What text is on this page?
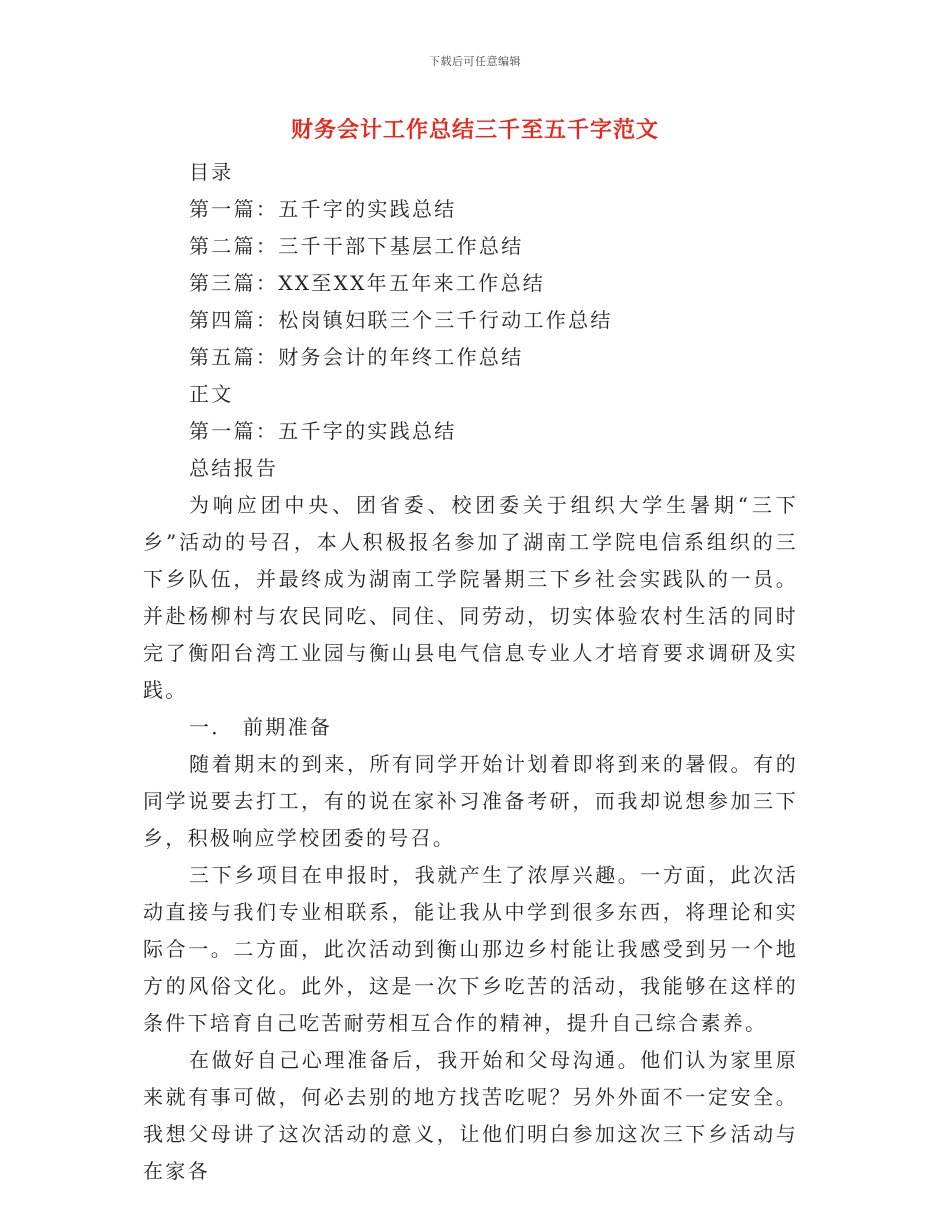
下载后可任意编辑
财务会计工作总结三千至五千字范文
目录
第一篇：五千字的实践总结
第二篇：三千干部下基层工作总结
第三篇：XX至XX年五年来工作总结
第四篇：松岗镇妇联三个三千行动工作总结
第五篇：财务会计的年终工作总结
正文
第一篇：五千字的实践总结
总结报告
为响应团中央、团省委、校团委关于组织大学生暑期“三下乡”活动的号召，本人积极报名参加了湖南工学院电信系组织的三下乡队伍，并最终成为湖南工学院暑期三下乡社会实践队的一员。并赴杨柳村与农民同吃、同住、同劳动，切实体验农村生活的同时完了衡阳台湾工业园与衡山县电气信息专业人才培育要求调研及实践。
一． 前期准备
随着期末的到来，所有同学开始计划着即将到来的暑假。有的同学说要去打工，有的说在家补习准备考研，而我却说想参加三下乡，积极响应学校团委的号召。
三下乡项目在申报时，我就产生了浓厚兴趣。一方面，此次活动直接与我们专业相联系，能让我从中学到很多东西，将理论和实际合一。二方面，此次活动到衡山那边乡村能让我感受到另一个地方的风俗文化。此外，这是一次下乡吃苦的活动，我能够在这样的条件下培育自己吃苦耐劳相互合作的精神，提升自己综合素养。
在做好自己心理准备后，我开始和父母沟通。他们认为家里原来就有事可做，何必去别的地方找苦吃呢？另外外面不一定安全。我想父母讲了这次活动的意义，让他们明白参加这次三下乡活动与在家各
